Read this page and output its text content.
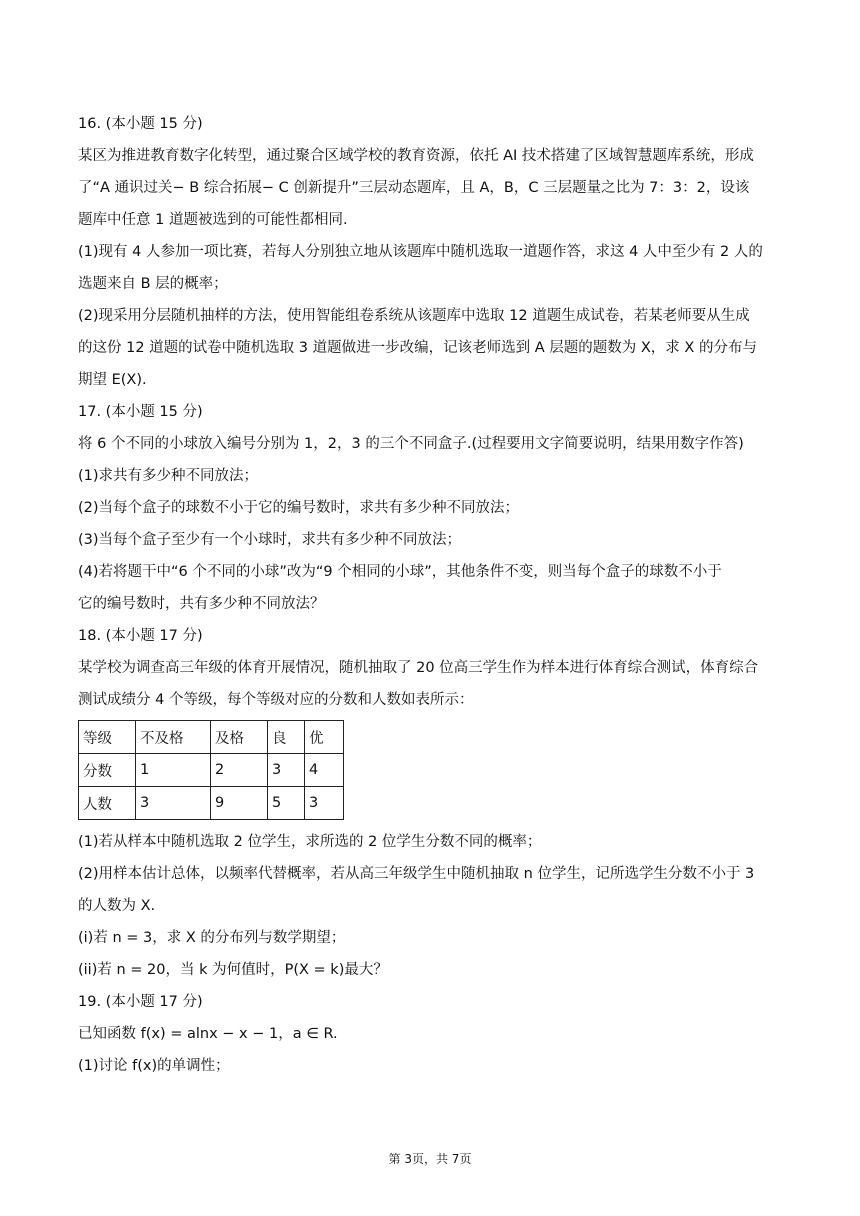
16. (本小题 15 分)
某区为推进教育数字化转型，通过聚合区域学校的教育资源，依托 AI 技术搭建了区域智慧题库系统，形成
了“A 通识过关− B 综合拓展− C 创新提升”三层动态题库，且 A，B，C 三层题量之比为 7：3：2，设该
题库中任意 1 道题被选到的可能性都相同.
(1)现有 4 人参加一项比赛，若每人分别独立地从该题库中随机选取一道题作答，求这 4 人中至少有 2 人的
选题来自 B 层的概率；
(2)现采用分层随机抽样的方法，使用智能组卷系统从该题库中选取 12 道题生成试卷，若某老师要从生成
的这份 12 道题的试卷中随机选取 3 道题做进一步改编，记该老师选到 A 层题的题数为 X，求 X 的分布与
期望 E(X).
17. (本小题 15 分)
将 6 个不同的小球放入编号分别为 1，2，3 的三个不同盒子.(过程要用文字简要说明，结果用数字作答)
(1)求共有多少种不同放法；
(2)当每个盒子的球数不小于它的编号数时，求共有多少种不同放法；
(3)当每个盒子至少有一个小球时，求共有多少种不同放法；
(4)若将题干中“6 个不同的小球”改为“9 个相同的小球”，其他条件不变，则当每个盒子的球数不小于
它的编号数时，共有多少种不同放法？
18. (本小题 17 分)
某学校为调查高三年级的体育开展情况，随机抽取了 20 位高三学生作为样本进行体育综合测试，体育综合
测试成绩分 4 个等级，每个等级对应的分数和人数如表所示：
等级	不及格	及格	良	优
分数	1	2	3	4
人数	3	9	5	3
(1)若从样本中随机选取 2 位学生，求所选的 2 位学生分数不同的概率；
(2)用样本估计总体，以频率代替概率，若从高三年级学生中随机抽取 n 位学生，记所选学生分数不小于 3
的人数为 X.
(i)若 n = 3，求 X 的分布列与数学期望；
(ii)若 n = 20，当 k 为何值时，P(X = k)最大？
19. (本小题 17 分)
已知函数 f(x) = alnx − x − 1，a ∈ R.
(1)讨论 f(x)的单调性；
第 3页，共 7页
